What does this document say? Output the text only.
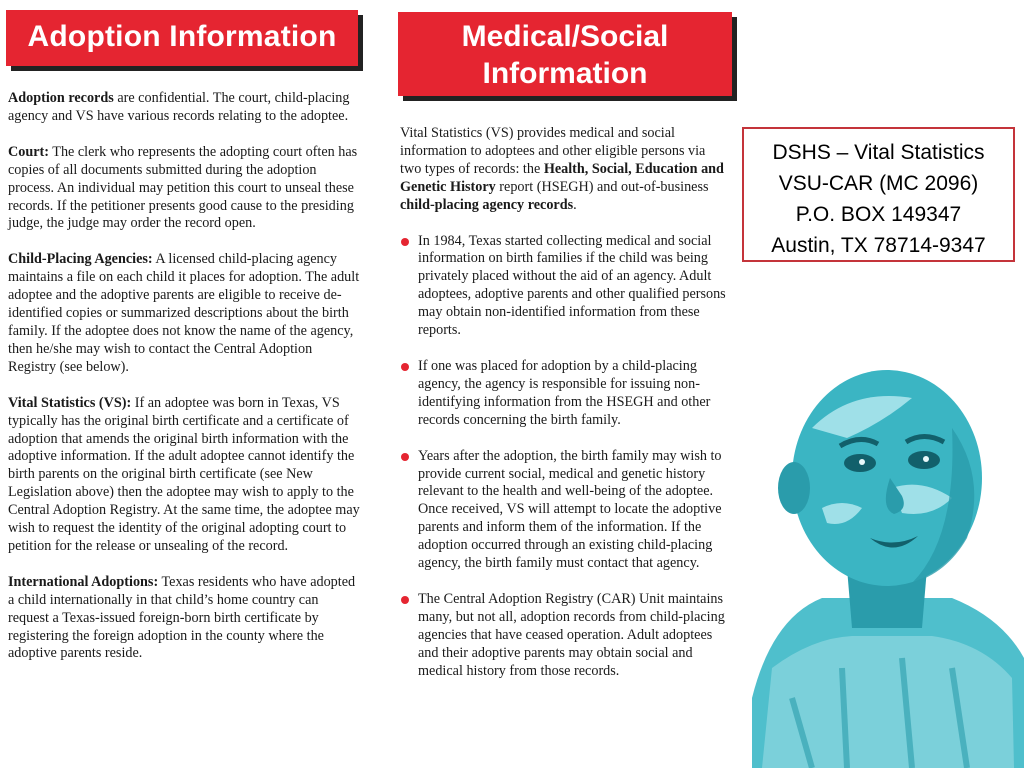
Adoption Information	Medical/Social
Information

Adoption records are confidential. The court, child-placing agency and VS have various records relating to the adoptee.

Court: The clerk who represents the adopting court often has copies of all documents submitted during the adoption process. An individual may petition this court to unseal these records. If the petitioner presents good cause to the presiding judge, the judge may order the record open.

Child-Placing Agencies: A licensed child-placing agency maintains a file on each child it places for adoption. The adult adoptee and the adoptive parents are eligible to receive de-identified copies or summarized descriptions about the birth family. If the adoptee does not know the name of the agency, then he/she may wish to contact the Central Adoption Registry (see below).

Vital Statistics (VS): If an adoptee was born in Texas, VS typically has the original birth certificate and a certificate of adoption that amends the original birth information with the adoptive information. If the adult adoptee cannot identify the birth parents on the original birth certificate (see New Legislation above) then the adoptee may wish to apply to the Central Adoption Registry. At the same time, the adoptee may wish to request the identity of the original adopting court to petition for the release or unsealing of the record.

International Adoptions: Texas residents who have adopted a child internationally in that child’s home country can request a Texas-issued foreign-born birth certificate by registering the foreign adoption in the county where the adoptive parents reside.

Vital Statistics (VS) provides medical and social information to adoptees and other eligible persons via two types of records: the Health, Social, Education and Genetic History report (HSEGH) and out-of-business child-placing agency records.

In 1984, Texas started collecting medical and social information on birth families if the child was being privately placed without the aid of an agency. Adult adoptees, adoptive parents and other qualified persons may obtain non-identified information from these reports.
If one was placed for adoption by a child-placing agency, the agency is responsible for issuing non-identifying information from the HSEGH and other records concerning the birth family.
Years after the adoption, the birth family may wish to provide current social, medical and genetic history relevant to the health and well-being of the adoptee. Once received, VS will attempt to locate the adoptive parents and inform them of the information. If the adoption occurred through an existing child-placing agency, the birth family must contact that agency.
The Central Adoption Registry (CAR) Unit maintains many, but not all, adoption records from child-placing agencies that have ceased operation. Adult adoptees and their adoptive parents may obtain social and medical history from those records.
DSHS – Vital Statistics
VSU-CAR (MC 2096)
P.O. BOX 149347
Austin, TX 78714-9347
